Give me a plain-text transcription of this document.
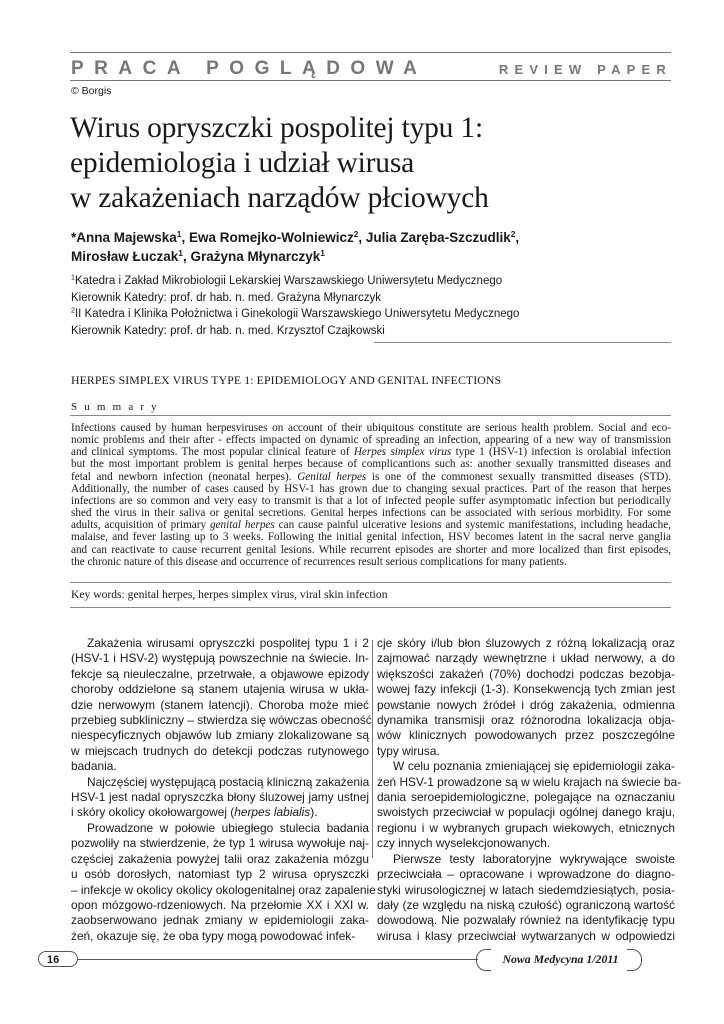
PRACA POGLĄDOWA	REVIEW PAPER
© Borgis
Wirus opryszczki pospolitej typu 1:
epidemiologia i udział wirusa
w zakażeniach narządów płciowych
*Anna Majewska$^1$, Ewa Romejko-Wolniewicz$^2$, Julia Zaręba-Szczudlik$^2$,
Mirosław Łuczak$^1$, Grażyna Młynarczyk$^1$
$^1$Katedra i Zakład Mikrobiologii Lekarskiej Warszawskiego Uniwersytetu Medycznego
Kierownik Katedry: prof. dr hab. n. med. Grażyna Młynarczyk
$^2$II Katedra i Klinika Położnictwa i Ginekologii Warszawskiego Uniwersytetu Medycznego
Kierownik Katedry: prof. dr hab. n. med. Krzysztof Czajkowski
HERPES SIMPLEX VIRUS TYPE 1: EPIDEMIOLOGY AND GENITAL INFECTIONS
S u m m a r y
Infections caused by human herpesviruses on account of their ubiquitous constitute are serious health problem. Social and eco-
nomic problems and their after - effects impacted on dynamic of spreading an infection, appearing of a new way of transmission
and clinical symptoms. The most popular clinical feature of Herpes simplex virus type 1 (HSV-1) infection is orolabial infection
but the most important problem is genital herpes because of complicantions such as: another sexually transmitted diseases and
fetal and newborn infection (neonatal herpes). Genital herpes is one of the commonest sexually transmitted diseases (STD).
Additionally, the number of cases caused by HSV-1 has grown due to changing sexual practices. Part of the reason that herpes
infections are so common and very easy to transmit is that a lot of infected people suffer asymptomatic infection but periodically
shed the virus in their saliva or genital secretions. Genital herpes infections can be associated with serious morbidity. For some
adults, acquisition of primary genital herpes can cause painful ulcerative lesions and systemic manifestations, including headache,
malaise, and fever lasting up to 3 weeks. Following the initial genital infection, HSV becomes latent in the sacral nerve ganglia
and can reactivate to cause recurrent genital lesions. While recurrent episodes are shorter and more localized than first episodes,
the chronic nature of this disease and occurrence of recurrences result serious complications for many patients.
Key words: genital herpes, herpes simplex virus, viral skin infection
Zakażenia wirusami opryszczki pospolitej typu 1 i 2
(HSV-1 i HSV-2) występują powszechnie na świecie. In-
fekcje są nieuleczalne, przetrwałe, a objawowe epizody
choroby oddzielone są stanem utajenia wirusa w ukła-
dzie nerwowym (stanem latencji). Choroba może mieć
przebieg subkliniczny – stwierdza się wówczas obecność
niespecyficznych objawów lub zmiany zlokalizowane są
w miejscach trudnych do detekcji podczas rutynowego
badania.
Najczęściej występującą postacią kliniczną zakażenia
HSV-1 jest nadal opryszczka błony śluzowej jamy ustnej
i skóry okolicy okołowargowej (herpes labialis).
Prowadzone w połowie ubiegłego stulecia badania
pozwoliły na stwierdzenie, że typ 1 wirusa wywołuje naj-
częściej zakażenia powyżej talii oraz zakażenia mózgu
u osób dorosłych, natomiast typ 2 wirusa opryszczki
– infekcje w okolicy okolicy okologenitalnej oraz zapalenie
opon mózgowo-rdzeniowych. Na przełomie XX i XXI w.
zaobserwowano jednak zmiany w epidemiologii zaka-
żeń, okazuje się, że oba typy mogą powodować infek-
cje skóry i/lub błon śluzowych z różną lokalizacją oraz
zajmować narządy wewnętrzne i układ nerwowy, a do
większości zakażeń (70%) dochodzi podczas bezobja-
wowej fazy infekcji (1-3). Konsekwencją tych zmian jest
powstanie nowych źródeł i dróg zakażenia, odmienna
dynamika transmisji oraz różnorodna lokalizacja obja-
wów klinicznych powodowanych przez poszczególne
typy wirusa.
W celu poznania zmieniającej się epidemiologii zaka-
żeń HSV-1 prowadzone są w wielu krajach na świecie ba-
dania seroepidemiologiczne, polegające na oznaczaniu
swoistych przeciwciał w populacji ogólnej danego kraju,
regionu i w wybranych grupach wiekowych, etnicznych
czy innych wyselekcjonowanych.
Pierwsze testy laboratoryjne wykrywające swoiste
przeciwciała – opracowane i wprowadzone do diagno-
styki wirusologicznej w latach siedemdziesiątych, posia-
dały (ze względu na niską czułość) ograniczoną wartość
dowodową. Nie pozwalały również na identyfikację typu
wirusa i klasy przeciwciał wytwarzanych w odpowiedzi
16	Nowa Medycyna 1/2011
